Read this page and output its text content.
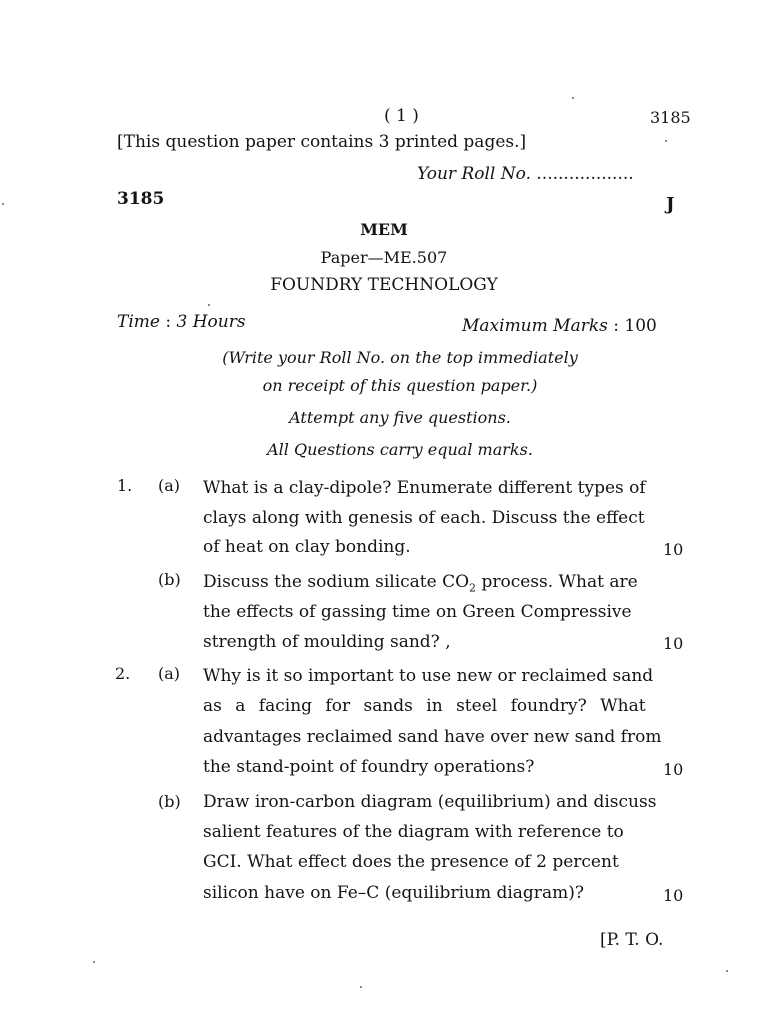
( 1 )	3185
[This question paper contains 3 printed pages.]
Your Roll No. ..................
3185	J
MEM
Paper—ME.507
FOUNDRY TECHNOLOGY
Time : 3 Hours	Maximum Marks : 100
(Write your Roll No. on the top immediately
on receipt of this question paper.)
Attempt any five questions.
All Questions carry equal marks.
1. (a) What is a clay-dipole? Enumerate different types of
clays along with genesis of each. Discuss the effect
of heat on clay bonding.	10
(b) Discuss the sodium silicate $CO_2$ process. What are
the effects of gassing time on Green Compressive
strength of moulding sand? ,	10
2. (a) Why is it so important to use new or reclaimed sand
as a facing for sands in steel foundry? What
advantages reclaimed sand have over new sand from
the stand-point of foundry operations?	10
(b) Draw iron-carbon diagram (equilibrium) and discuss
salient features of the diagram with reference to
GCI. What effect does the presence of 2 percent
silicon have on Fe–C (equilibrium diagram)?	10
[P. T. O.
